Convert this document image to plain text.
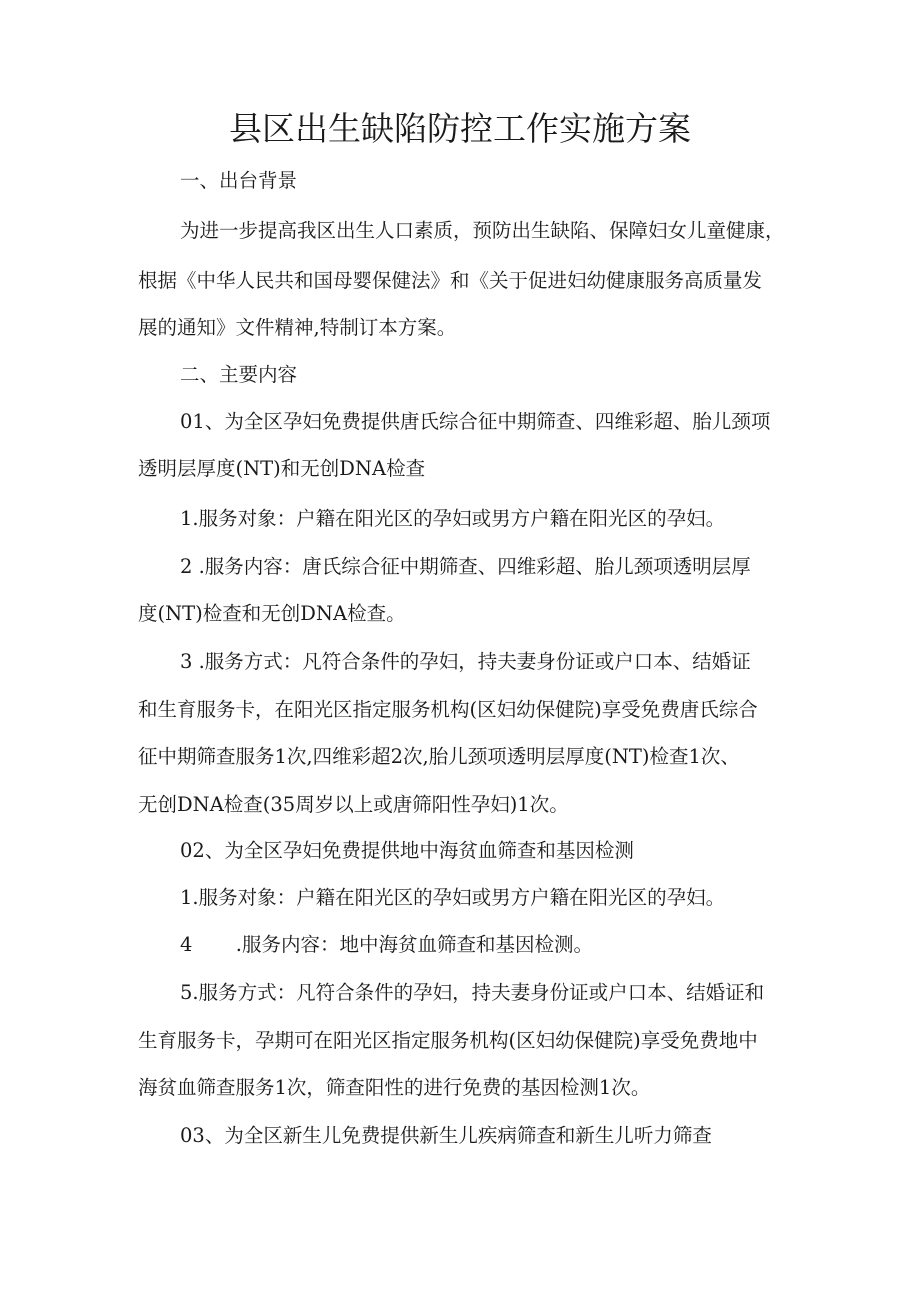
县区出生缺陷防控工作实施方案
一、出台背景
为进一步提高我区出生人口素质，预防出生缺陷、保障妇女儿童健康，
根据《中华人民共和国母婴保健法》和《关于促进妇幼健康服务高质量发
展的通知》文件精神,特制订本方案。
二、主要内容
01、为全区孕妇免费提供唐氏综合征中期筛查、四维彩超、胎儿颈项
透明层厚度(NT)和无创DNA检查
1.服务对象：户籍在阳光区的孕妇或男方户籍在阳光区的孕妇。
2 .服务内容：唐氏综合征中期筛查、四维彩超、胎儿颈项透明层厚
度(NT)检查和无创DNA检查。
3 .服务方式：凡符合条件的孕妇，持夫妻身份证或户口本、结婚证
和生育服务卡，在阳光区指定服务机构(区妇幼保健院)享受免费唐氏综合
征中期筛查服务1次,四维彩超2次,胎儿颈项透明层厚度(NT)检查1次、
无创DNA检查(35周岁以上或唐筛阳性孕妇)1次。
02、为全区孕妇免费提供地中海贫血筛查和基因检测
1.服务对象：户籍在阳光区的孕妇或男方户籍在阳光区的孕妇。
4       .服务内容：地中海贫血筛查和基因检测。
5.服务方式：凡符合条件的孕妇，持夫妻身份证或户口本、结婚证和
生育服务卡，孕期可在阳光区指定服务机构(区妇幼保健院)享受免费地中
海贫血筛查服务1次，筛查阳性的进行免费的基因检测1次。
03、为全区新生儿免费提供新生儿疾病筛查和新生儿听力筛查
